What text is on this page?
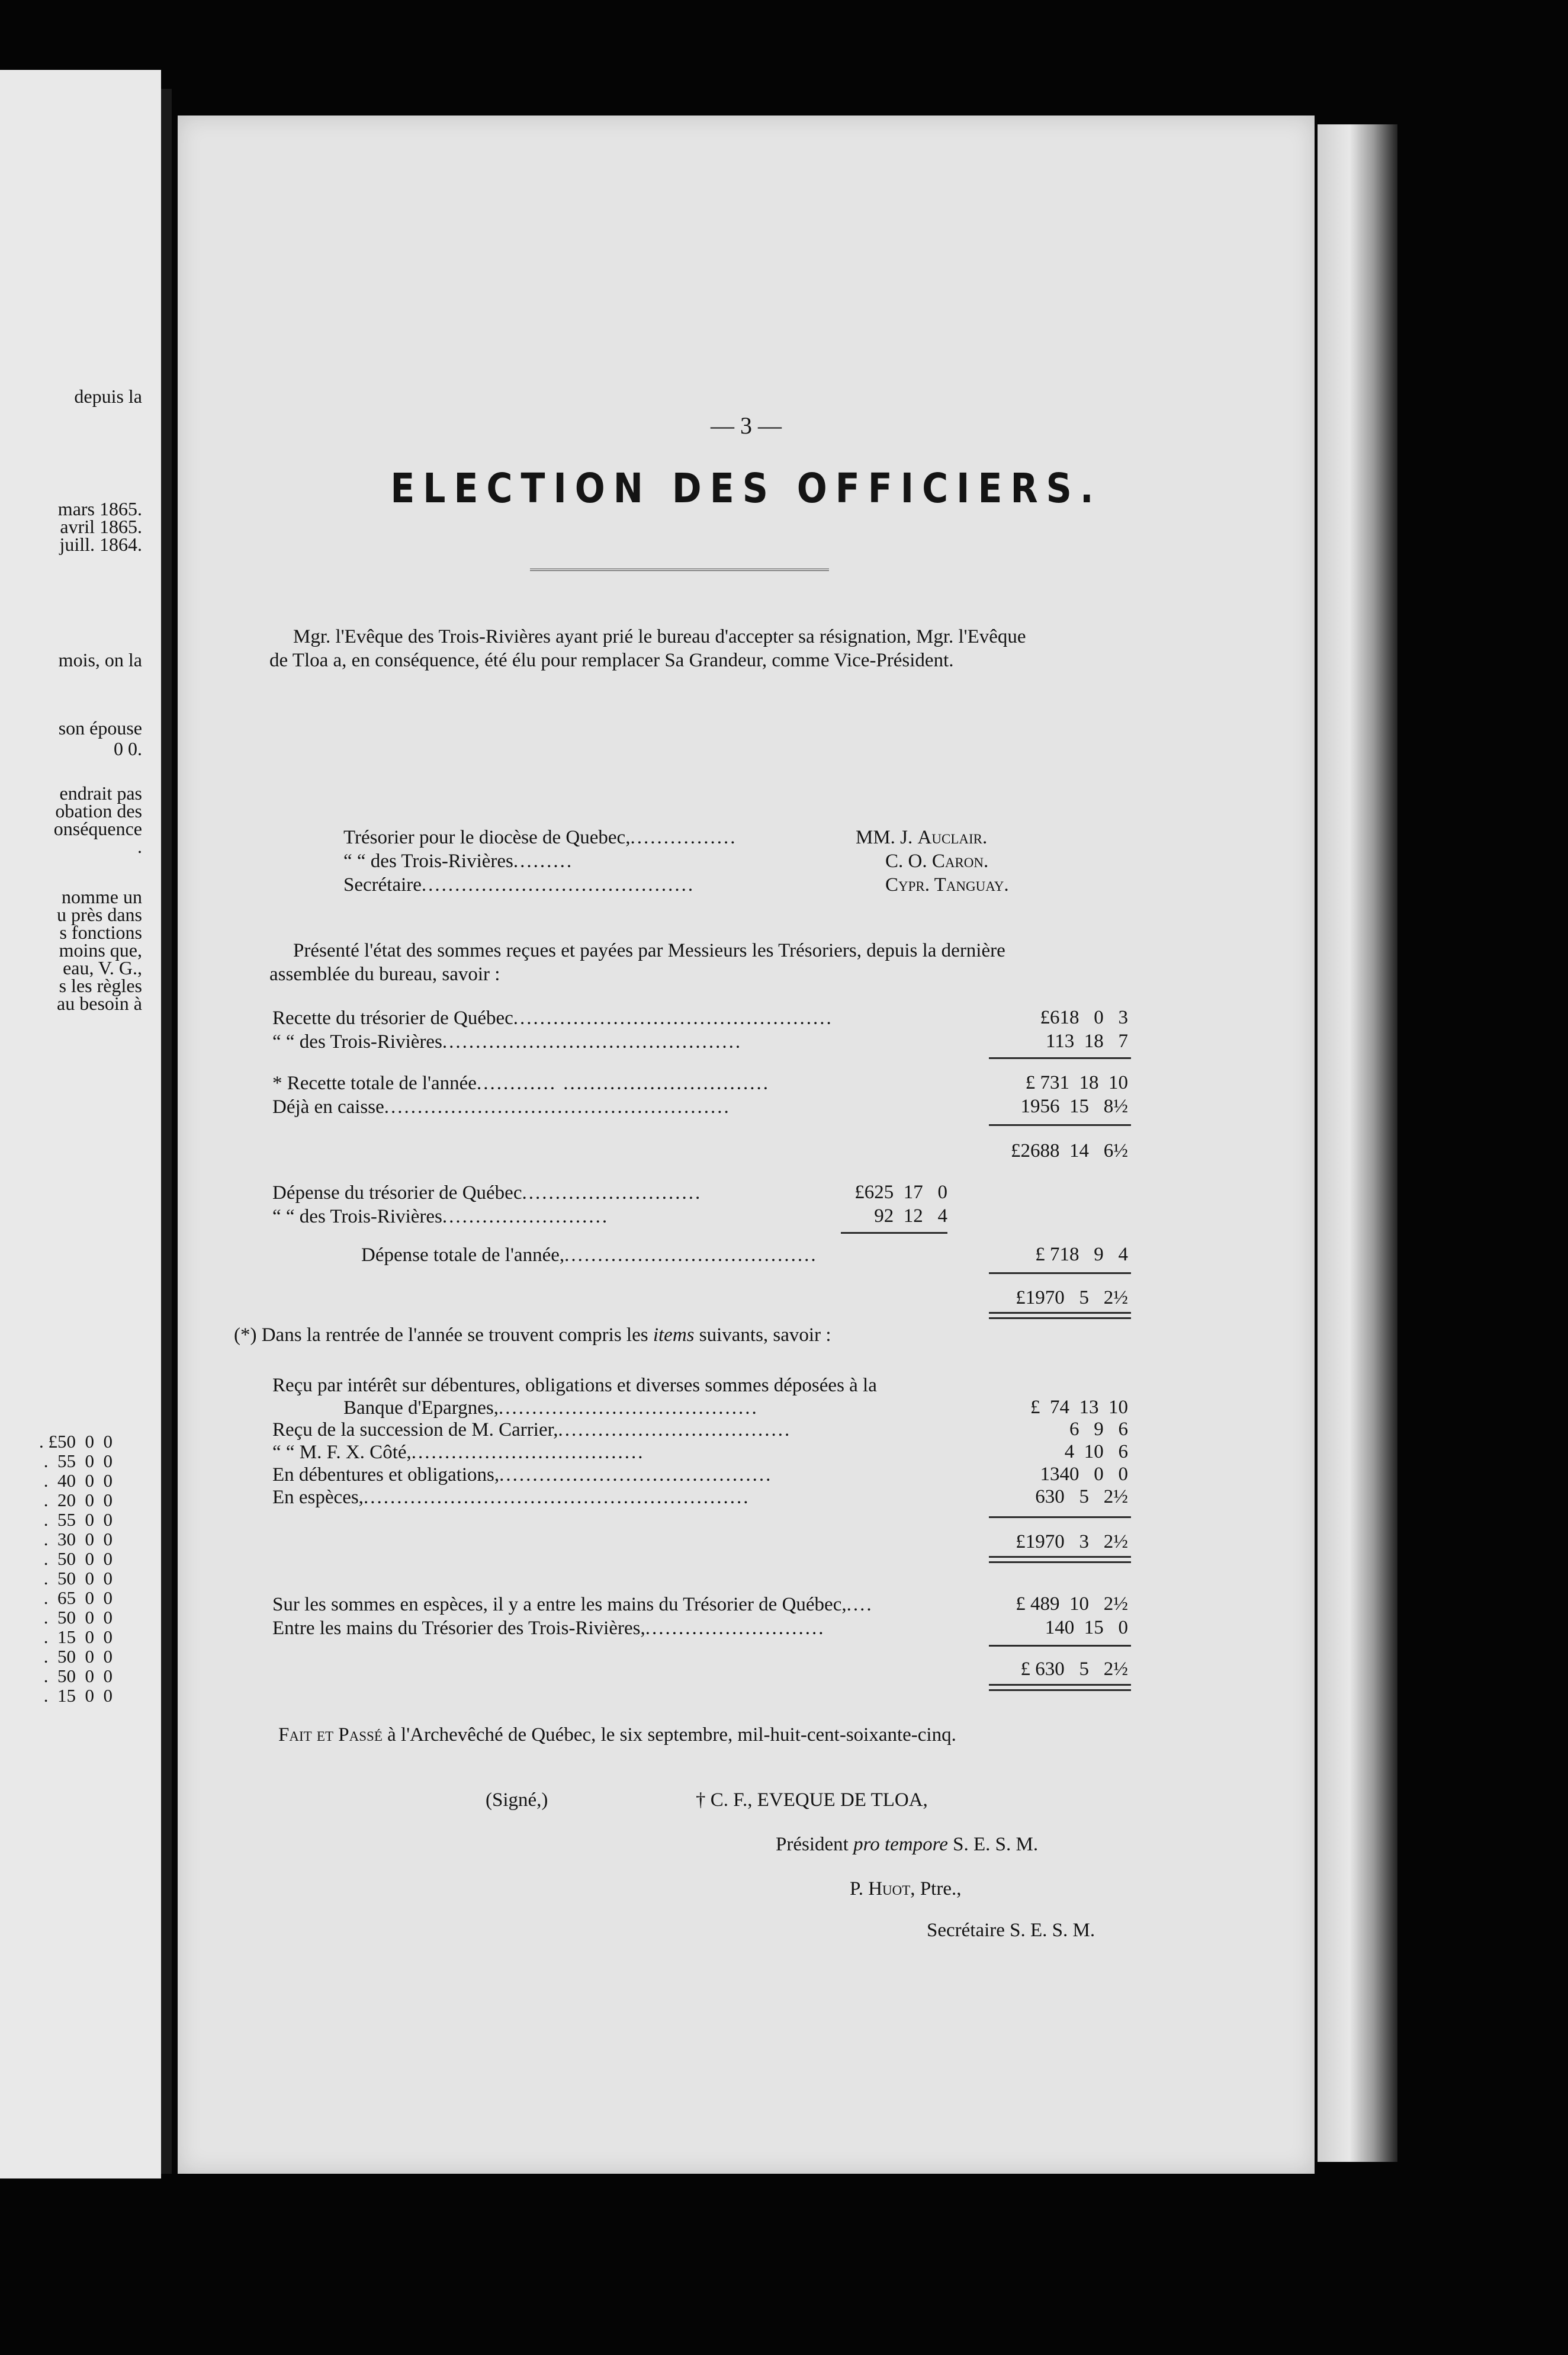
depuis la
mars 1865.
avril 1865.
juill. 1864.
mois, on la
son épouse
0 0.
endrait pas
obation des
onséquence
.
nomme un
u près dans
s fonctions
moins que,
eau, V. G.,
s les règles
au besoin à
. £50  0  0
.  55  0  0
.  40  0  0
.  20  0  0
.  55  0  0
.  30  0  0
.  50  0  0
.  50  0  0
.  65  0  0
.  50  0  0
.  15  0  0
.  50  0  0
.  50  0  0
.  15  0  0
— 3 —
ELECTION DES OFFICIERS.
Mgr. l'Evêque des Trois-Rivières ayant prié le bureau d'accepter sa résignation, Mgr. l'Evêque
de Tloa a, en conséquence, été élu pour remplacer Sa Grandeur, comme Vice-Président.
Présenté l'état des sommes reçues et payées par Messieurs les Trésoriers, depuis la dernière
assemblée du bureau, savoir :
(*) Dans la rentrée de l'année se trouvent compris les items suivants, savoir :
Fait et Passé à l'Archevêché de Québec, le six septembre, mil-huit-cent-soixante-cinq.
(Signé,)	† C. F., EVEQUE DE TLOA,
Président pro tempore S. E. S. M.
P. Huot, Ptre.,
Secrétaire S. E. S. M.
Trésorier pour le diocèse de Quebec,................	MM. J. Auclair.
“ “ des Trois-Rivières.........	C. O. Caron.
Secrétaire.........................................	Cypr. Tanguay.
Recette du trésorier de Québec................................................	£618   0   3
“ “ des Trois-Rivières.............................................	113  18   7
* Recette totale de l'année............ ...............................	£ 731  18  10
Déjà en caisse....................................................	1956  15   8½
£2688  14   6½
Dépense du trésorier de Québec...........................	£625  17   0
“ “ des Trois-Rivières.........................	92  12   4
Dépense totale de l'année,......................................	£ 718   9   4
£1970   5   2½
Reçu par intérêt sur débentures, obligations et diverses sommes déposées à la
Banque d'Epargnes,.......................................	£  74  13  10
Reçu de la succession de M. Carrier,...................................	6   9   6
“ “ M. F. X. Côté,...................................	4  10   6
En débentures et obligations,.........................................	1340   0   0
En espèces,..........................................................	630   5   2½
£1970   3   2½
Sur les sommes en espèces, il y a entre les mains du Trésorier de Québec,....	£ 489  10   2½
Entre les mains du Trésorier des Trois-Rivières,...........................	140  15   0
£ 630   5   2½
